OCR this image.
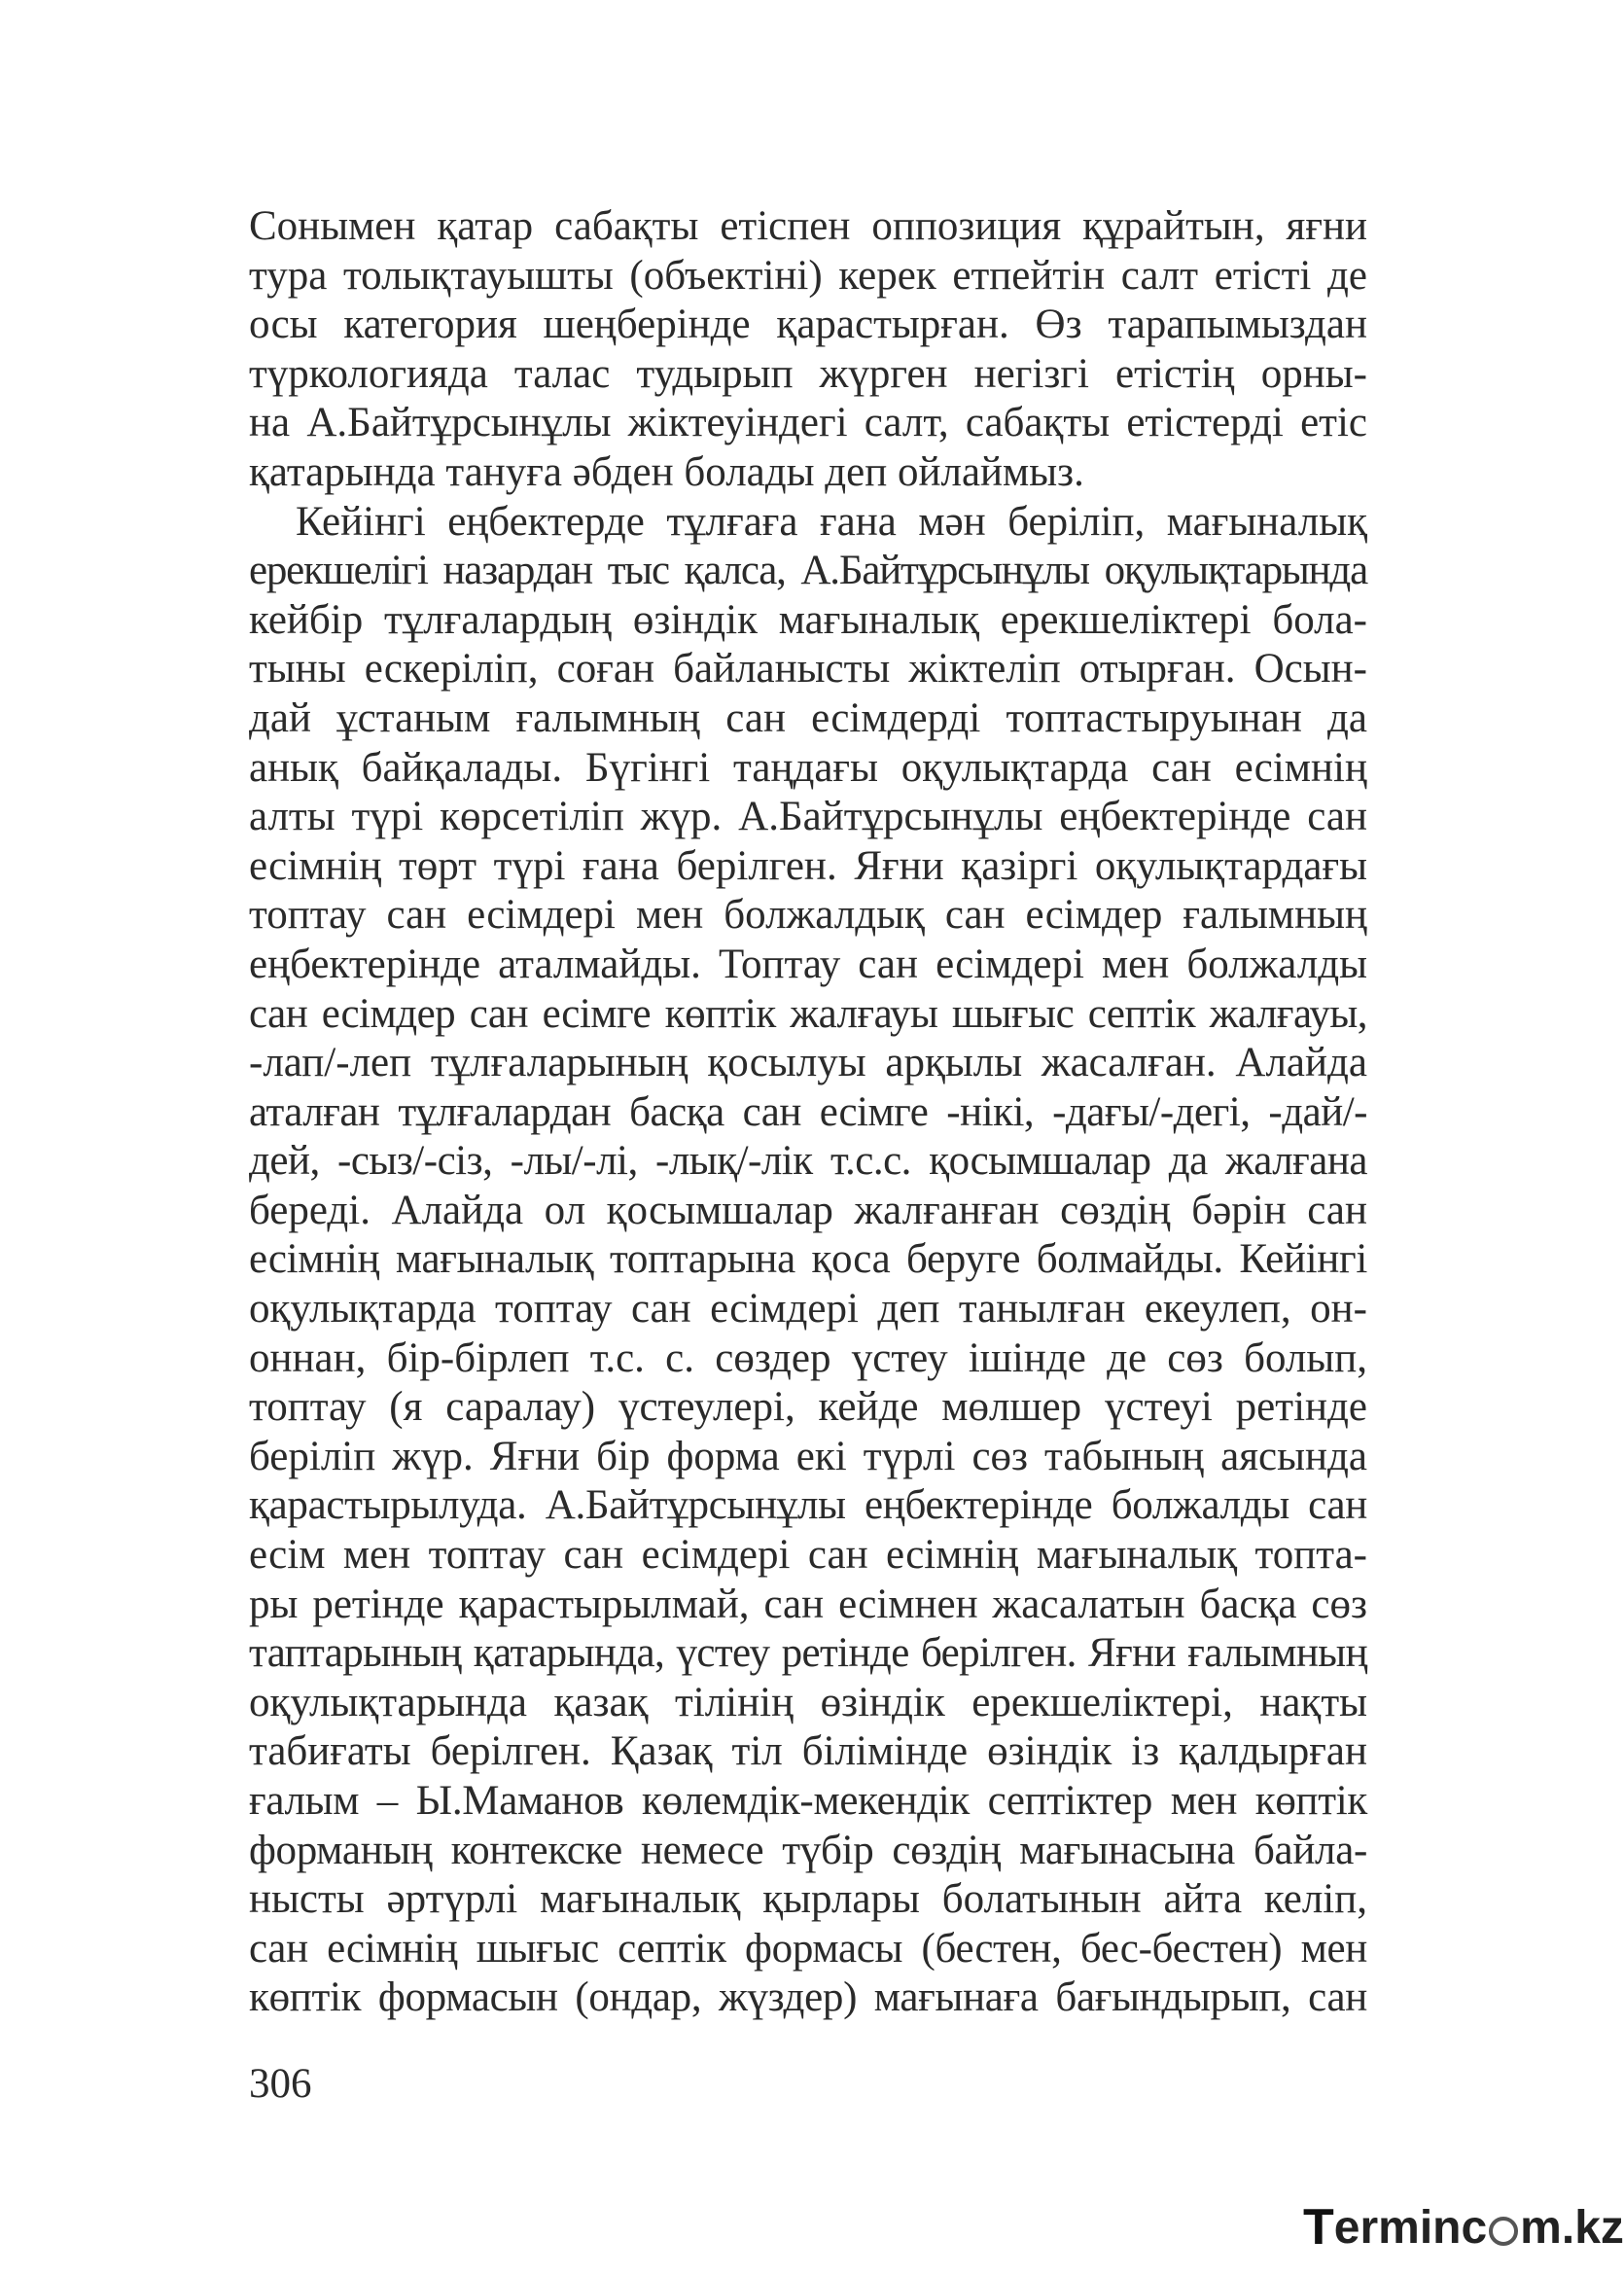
Сонымен қатар сабақты етіспен оппозиция құрайтын, яғни
тура толықтауышты (объектіні) керек етпейтін салт етісті де
осы категория шеңберінде қарастырған. Өз тарапымыздан
түркологияда талас тудырып жүрген негізгі етістің орны-
на А.Байтұрсынұлы жіктеуіндегі салт, сабақты етістерді етіс
қатарында тануға әбден болады деп ойлаймыз.

Кейінгі еңбектерде тұлғаға ғана мән беріліп, мағыналық
ерекшелігі назардан тыс қалса, А.Байтұрсынұлы оқулықтарында
кейбір тұлғалардың өзіндік мағыналық ерекшеліктері бола-
тыны ескеріліп, соған байланысты жіктеліп отырған. Осын-
дай ұстаным ғалымның сан есімдерді топтастыруынан да
анық байқалады. Бүгінгі таңдағы оқулықтарда сан есімнің
алты түрі көрсетіліп жүр. А.Байтұрсынұлы еңбектерінде сан
есімнің төрт түрі ғана берілген. Яғни қазіргі оқулықтардағы
топтау сан есімдері мен болжалдық сан есімдер ғалымның
еңбектерінде аталмайды. Топтау сан есімдері мен болжалды
сан есімдер сан есімге көптік жалғауы шығыс септік жалғауы,
-лап/-леп тұлғаларының қосылуы арқылы жасалған. Алайда
аталған тұлғалардан басқа сан есімге -нікі, -дағы/-дегі, -дай/-
дей, -сыз/-сіз, -лы/-лі, -лық/-лік т.с.с. қосымшалар да жалғана
береді. Алайда ол қосымшалар жалғанған сөздің бәрін сан
есімнің мағыналық топтарына қоса беруге болмайды. Кейінгі
оқулықтарда топтау сан есімдері деп танылған екеулеп, он-
оннан, бір-бірлеп т.с. с. сөздер үстеу ішінде де сөз болып,
топтау (я саралау) үстеулері, кейде мөлшер үстеуі ретінде
беріліп жүр. Яғни бір форма екі түрлі сөз табының аясында
қарастырылуда. А.Байтұрсынұлы еңбектерінде болжалды сан
есім мен топтау сан есімдері сан есімнің мағыналық топта-
ры ретінде қарастырылмай, сан есімнен жасалатын басқа сөз
таптарының қатарында, үстеу ретінде берілген. Яғни ғалымның
оқулықтарында қазақ тілінің өзіндік ерекшеліктері, нақты
табиғаты берілген. Қазақ тіл білімінде өзіндік із қалдырған
ғалым – Ы.Маманов көлемдік-мекендік септіктер мен көптік
форманың контекске немесе түбір сөздің мағынасына байла-
нысты әртүрлі мағыналық қырлары болатынын айта келіп,
сан есімнің шығыс септік формасы (бестен, бес-бестен) мен
көптік формасын (ондар, жүздер) мағынаға бағындырып, сан

306
T erminc m.kz
